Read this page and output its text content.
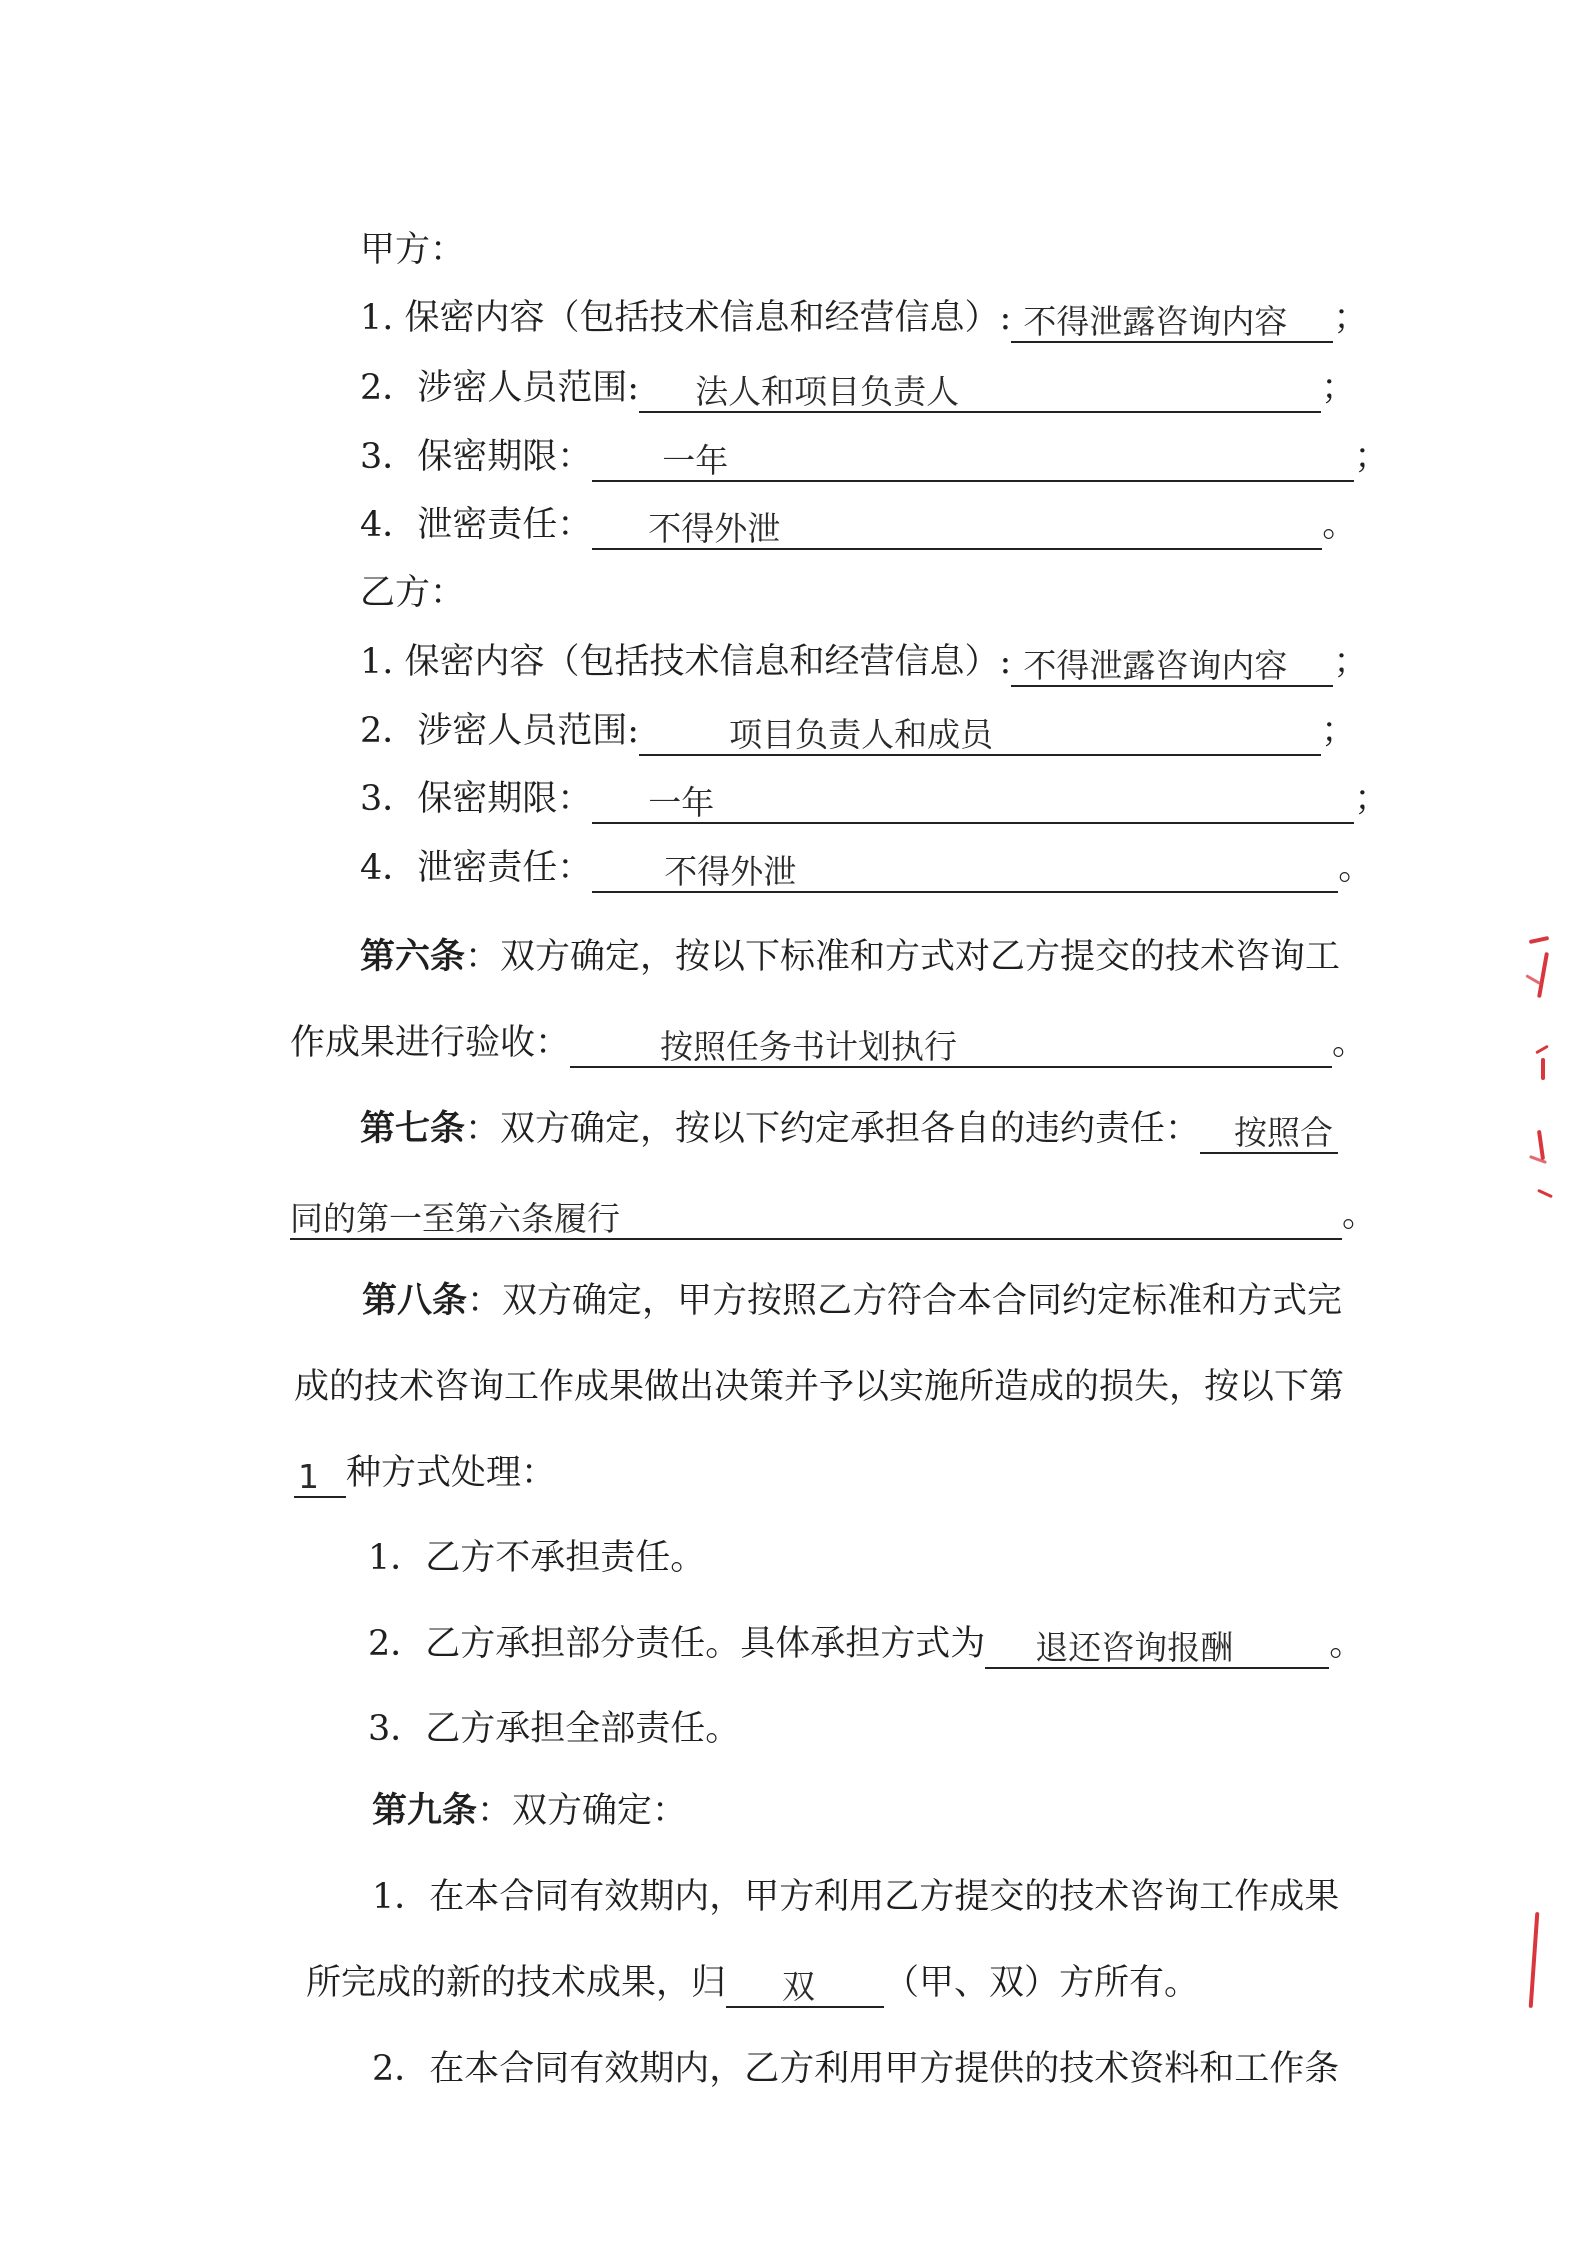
甲方：
1. 保密内容（包括技术信息和经营信息）: 不得泄露咨询内容	；
2．涉密人员范围:	法人和项目负责人	；
3．保密期限：	一年	；
4．泄密责任：	不得外泄	。
乙方：
1. 保密内容（包括技术信息和经营信息）: 不得泄露咨询内容	；
2．涉密人员范围:	项目负责人和成员	；
3．保密期限：	一年	；
4．泄密责任：	不得外泄	。
第六条 ：双方确定，按以下标准和方式对乙方提交的技术咨询工
作成果进行验收：	按照任务书计划执行	。
第七条 ：双方确定，按以下约定承担各自的违约责任：	按照合
同的第一至第六条履行	。
第八条 ：双方确定，甲方按照乙方符合本合同约定标准和方式完
成的技术咨询工作成果做出决策并予以实施所造成的损失，按以下第
1 种方式处理：
1．乙方不承担责任。
2．乙方承担部分责任。具体承担方式为	退还咨询报酬	。
3．乙方承担全部责任。
第九条 ：双方确定：
1．在本合同有效期内，甲方利用乙方提交的技术咨询工作成果
所完成的新的技术成果，归	双	（甲、双）方所有。
2．在本合同有效期内，乙方利用甲方提供的技术资料和工作条
